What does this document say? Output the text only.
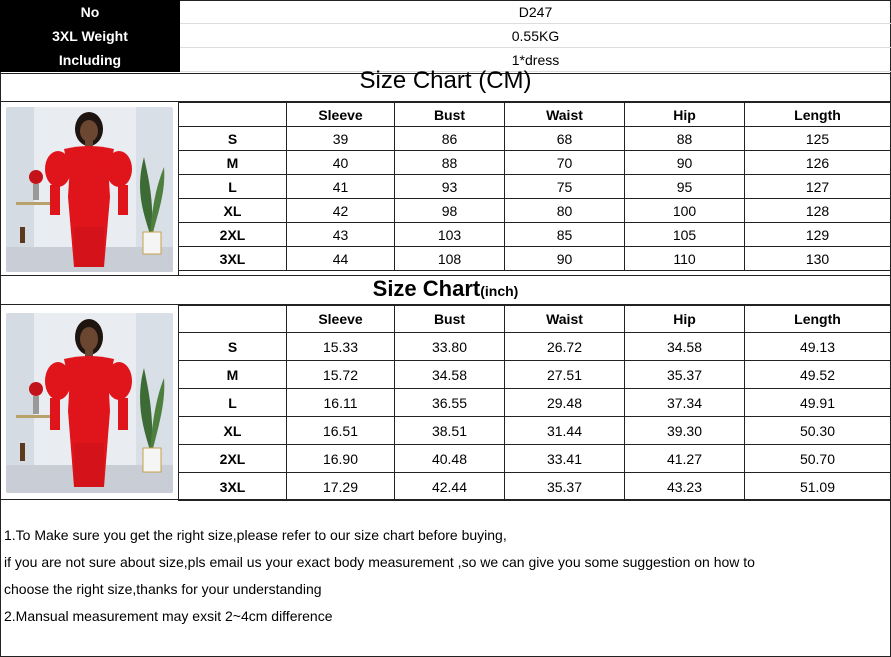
No	D247
3XL Weight	0.55KG
Including	1*dress
Size Chart (CM)
	Sleeve	Bust	Waist	Hip	Length
S	39	86	68	88	125
M	40	88	70	90	126
L	41	93	75	95	127
XL	42	98	80	100	128
2XL	43	103	85	105	129
3XL	44	108	90	110	130
Size Chart(inch)
	Sleeve	Bust	Waist	Hip	Length
S	15.33	33.80	26.72	34.58	49.13
M	15.72	34.58	27.51	35.37	49.52
L	16.11	36.55	29.48	37.34	49.91
XL	16.51	38.51	31.44	39.30	50.30
2XL	16.90	40.48	33.41	41.27	50.70
3XL	17.29	42.44	35.37	43.23	51.09
1.To Make sure you get the right size,please refer to our size chart before buying,
if you are not sure about size,pls email us your exact body measurement ,so we can give you some suggestion on how to
choose the right size,thanks for your understanding
2.Mansual measurement may exsit 2~4cm difference
